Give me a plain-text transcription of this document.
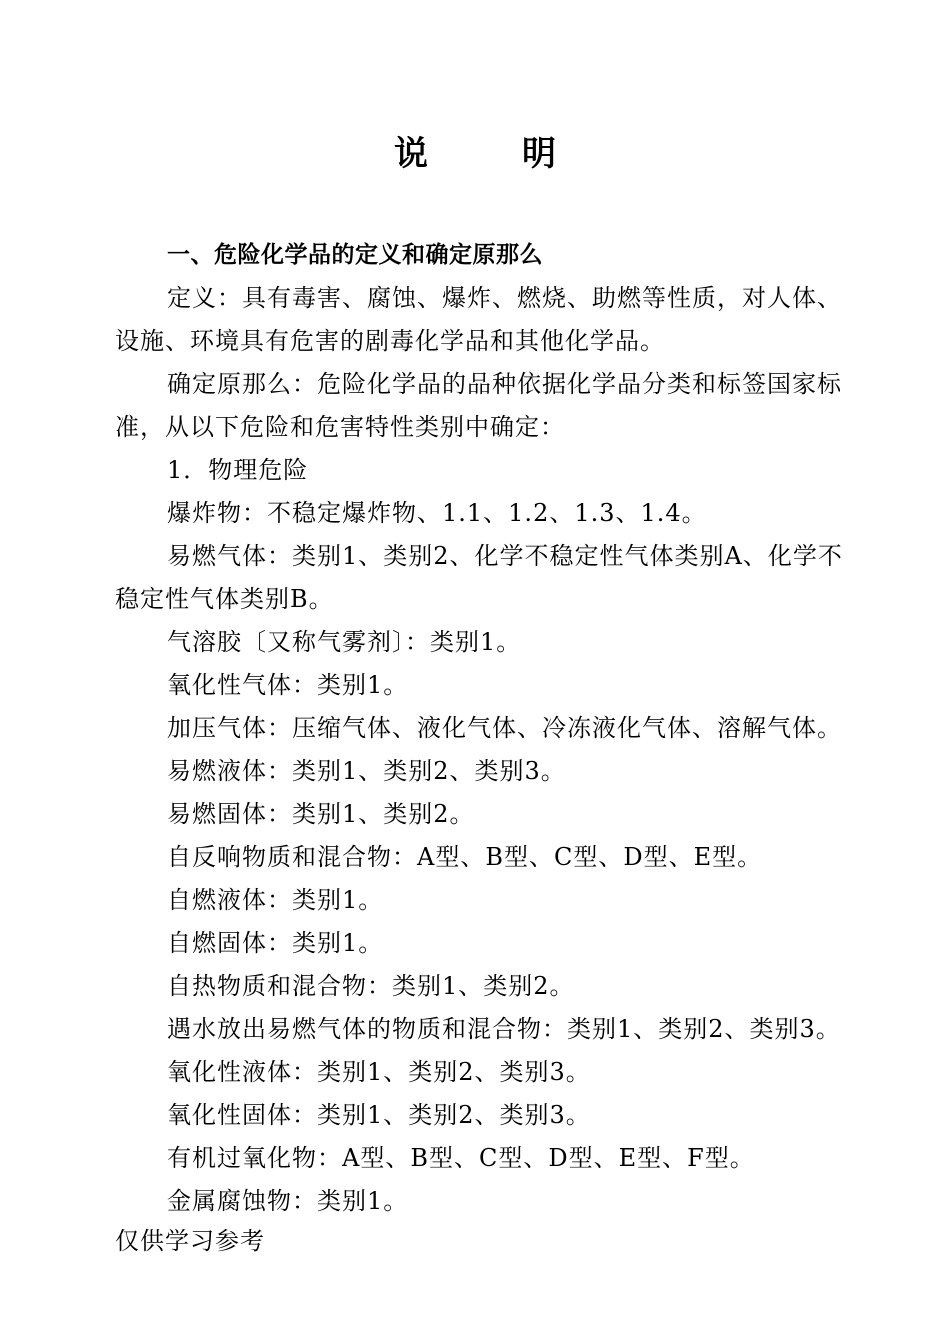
说　明

一、危险化学品的定义和确定原那么

定义：具有毒害、腐蚀、爆炸、燃烧、助燃等性质，对人体、设施、环境具有危害的剧毒化学品和其他化学品。

确定原那么：危险化学品的品种依据化学品分类和标签国家标准，从以下危险和危害特性类别中确定：

1．物理危险

爆炸物：不稳定爆炸物、1.1、1.2、1.3、1.4。

易燃气体：类别1、类别2、化学不稳定性气体类别A、化学不稳定性气体类别B。

气溶胶〔又称气雾剂〕：类别1。

氧化性气体：类别1。

加压气体：压缩气体、液化气体、冷冻液化气体、溶解气体。

易燃液体：类别1、类别2、类别3。

易燃固体：类别1、类别2。

自反响物质和混合物：A型、B型、C型、D型、E型。

自燃液体：类别1。

自燃固体：类别1。

自热物质和混合物：类别1、类别2。

遇水放出易燃气体的物质和混合物：类别1、类别2、类别3。

氧化性液体：类别1、类别2、类别3。

氧化性固体：类别1、类别2、类别3。

有机过氧化物：A型、B型、C型、D型、E型、F型。

金属腐蚀物：类别1。

仅供学习参考
